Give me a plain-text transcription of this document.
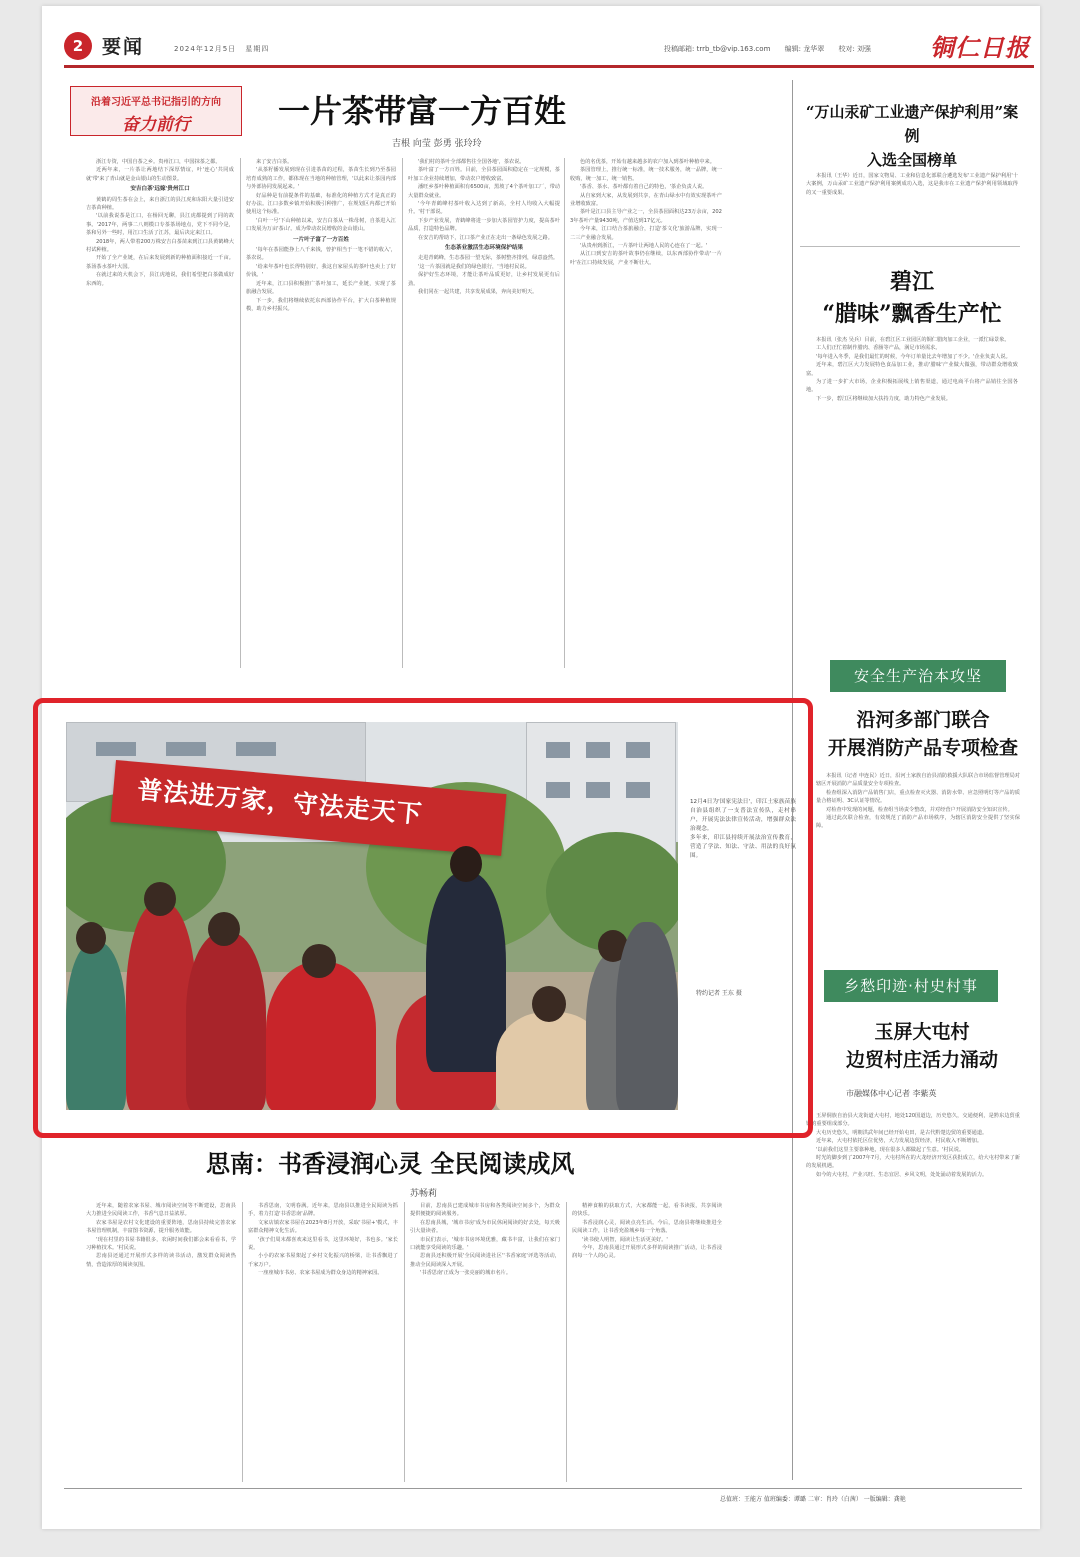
2 要闻	2024年12月5日 星期四	投稿邮箱: trrb_tb@vip.163.com 编辑: 龙华翠 校对: 刘强	铜仁日报
沿着习近平总书记指引的方向
奋力前行	一片茶带富一方百姓
吉根 向莹 彭勇 张玲玲

浙江专资，中国自茶之乡。贵州江口，中国抹茶之都。

近两年来，一片茶让两地结下深厚情谊，叶'连心'共同成就'带'来了青山就是金山银山的生动图景。

安吉白茶'远嫁'贵州江口

黄鹤的周生茶在会上，来自浙江的县江虎和东阳大量引进安吉茶苗种植。

'以前我说茶是江口，在杨回无聊，县江虎都提到了同的故事。'2017年，两事二八则模口专茶茶场地点，党下不同今是，茶和另外一些时，用江口生活了江苏，最后决定来江口。

2018年，两人带着200万株安吉白茶苗来到江口县黄鹤峰大村试种植。

开始了全产业链，在后来发展到新的种植面积接近一千亩。茶汤茶水茶叶大国。

在就过来的大机会下，县江虎地说，我们希望把白茶做成好东西的。

来了安吉白茶。

'从茶籽播发展到现在引进茶苗的过程，茶苗生长到乃至茶园培育成熟的工作，都体现在当地的种植管理，'以此来让茶园内部与外部协同发展起来。'

好品种是有前提条件的基础，标准化的种植方式才是真正的好办法。江口多数乡镇开始积极引种推广，在规划区内都已开始使用这个标准。

'白叶一号'下山种植以来，安吉白茶从一株母树，自茶进入江口发展为万亩'茶山'。成为带动农民增收的金山银山。

一片叶子富了一方百姓

'每年在茶园能挣上八千来钱，曾护相当于一笔不错的收入'，茶农说。

'给来年茶叶也长得特别好，我这自家屋头的茶叶也卖上了好价钱。'

近年来，江口县积极推广茶叶加工，延长产业链，实现了茶旅融合发展。

下一步，我们将继续依托东西部协作平台，扩大白茶种植规模，助力乡村振兴。

'我们村的茶叶全部都售往全国各地'，茶农说。

茶叶富了一方百姓。目前，全县茶园面积稳定在一定规模，茶叶加工企业持续增加，带动农户增收致富。

潘旺乡茶叶种植面积有6500亩，黑坡了4个茶叶加工厂，带动大量群众就业。

'今年青鹤峰村茶叶收入达到了新高，全村人均收入大幅提升。'村干部说。

下步产业发展，青鹤峰将进一步加大茶园管护力度，提高茶叶品质，打造特色品牌。

在安吉的帮助下，江口茶产业正在走出一条绿色发展之路。

生态茶业激活生态环境保护结果

走进青鹤峰，生态茶园一望无际，茶树整齐排列，绿意盎然。

'这一片茶园就是我们的绿色银行，'当地村民说。

保护好生态环境，才能让茶叶品质更好，让乡村发展更有后劲。

我们同在一起共建，共享发展成果，奔向美好明天。

色的名优茶，开始有越来越多的农户加入到茶叶种植中来。

茶园管理上，推行统一标准，统一技术服务，统一品牌，统一收购，统一加工，统一销售。

'茶香、茶水、茶叶都有着自己的特色，'茶企负责人说。

从自家到大家，从发展到共享，在青山绿水中有效实现茶叶产业增收致富。

茶叶是江口县主导产业之一，全县茶园面积达23万余亩，2023年茶叶产量9430吨，产值达到17亿元。

今年来，江口结合茶旅融合，打造'茶文化'旅游品牌，实现一二三产业融合发展。

'从贵州到浙江，一片茶叶让两地人民的心连在了一起。'

从江口到安吉的茶叶故事仍在继续，以东西部协作带动'一片叶'在江口持续发展，产业不断壮大。

“万山汞矿工业遗产保护利用”案例
入选全国榜单

本报讯（王华）近日，国家文物局、工业和信息化部联合遴选发布'工业遗产保护利用'十大案例，万山汞矿工业遗产保护利用案例成功入选，这是我市在工业遗产保护利用领域取得的又一重要成果。

碧江
“腊味”飘香生产忙

本报讯（张杰 吴兵）目前，在碧江区工业园区的铜仁腊肉加工企业，一派忙碌景象。

工人们正忙着制作腊肉、香肠等产品，满足市场需求。

'每年进入冬季，是我们最忙的时候，今年订单量比去年增加了不少。'企业负责人说。

近年来，碧江区大力发展特色食品加工业，推动'腊味'产业做大做强，带动群众增收致富。

为了进一步扩大市场，企业积极拓展线上销售渠道，通过电商平台将产品销往全国各地。

下一步，碧江区将继续加大扶持力度，助力特色产业发展。

安全生产治本攻坚
沿河多部门联合
开展消防产品专项检查

本报讯（记者 申连民）近日，沿河土家族自治县消防救援大队联合市场监督管理局对辖区开展消防产品质量安全专项检查。

检查组深入消防产品销售门店，重点检查灭火器、消防水带、应急照明灯等产品的质量合格证明、3C认证等情况。

对检查中发现的问题，检查组当场责令整改，并对经营户开展消防安全知识宣传。

通过此次联合检查，有效规范了消防产品市场秩序，为辖区消防安全提供了坚实保障。

乡愁印迹·村史村事
玉屏大屯村
边贸村庄活力涌动
市融媒体中心记者 李紫英

玉屏侗族自治县大龙街道大屯村，地处120国道边，历史悠久，交通便利，是黔东边贸重镇的重要组成部分。

大屯历史悠久，明朝洪武年间已经开始屯田，是古代黔楚边贸的重要通道。

近年来，大屯村依托区位优势，大力发展边贸经济，村民收入不断增加。

'以前我们这里主要靠种地，现在很多人都做起了生意。'村民说。

时光的脚步到了2007年7月，大屯村所在的大龙经济开发区获批成立，给大屯村带来了新的发展机遇。

如今的大屯村，产业兴旺、生态宜居、乡风文明，处处涌动着发展的活力。

普法进万家，守法走天下	12月4日为'国家宪法日'，印江土家族苗族自治县组织了一支普法宣传队，走村串户，开展宪法法律宣传活动，增强群众法治观念。

多年来，印江县持续开展法治宣传教育，营造了学法、知法、守法、用法的良好氛围。

特约记者 王东 摄
思南：书香浸润心灵 全民阅读成风
苏畅莉

近年来，随着农家书屋、城市阅读空间等不断建设，思南县大力推进全民阅读工作，书香气息日益浓厚。

农家书屋是农村文化建设的重要阵地，思南县持续完善农家书屋管理机制，丰富图书资源，提升服务效能。

'现在村里的书屋书籍很多，农闲时间我们都会来看看书，学习种植技术。'村民说。

思南县还通过开展形式多样的读书活动，激发群众阅读热情，营造浓厚的阅读氛围。

书香思南，文明春满。近年来，思南县以推进全民阅读为抓手，着力打造'书香思南'品牌。

文家店镇农家书屋在2023年8月开放，采取'书屋+'模式，丰富群众精神文化生活。

'孩子们周末都喜欢来这里看书，这里环境好，书也多。'家长说。

小小的农家书屋架起了乡村文化振兴的桥梁，让书香飘进了千家万户。

一座座城市书房、农家书屋成为群众身边的精神家园。

目前，思南县已建成城市书房和各类阅读空间多个，为群众提供便捷的阅读服务。

在思南县城，'城市书房'成为市民休闲阅读的好去处，每天吸引大量读者。

市民们表示，'城市书房环境优雅，藏书丰富，让我们在家门口就能享受阅读的乐趣。'

思南县还积极开展'全民阅读进社区''书香家庭'评选等活动，推动全民阅读深入开展。

'书香思南'正成为一张亮丽的城市名片。

精神食粮的获取方式，大家都能一起，看书读报，共享阅读的快乐。

书香浸润心灵，阅读点亮生活。今后，思南县将继续推进全民阅读工作，让书香充盈城乡每一个角落。

'读书使人明智，阅读让生活更美好。'

今年，思南县通过开展形式多样的阅读推广活动，让书香浸润每一个人的心灵。

总值班：王能方 值班编委：谭璐 二审：肖玲（白茜） 一版编辑：龚艳
